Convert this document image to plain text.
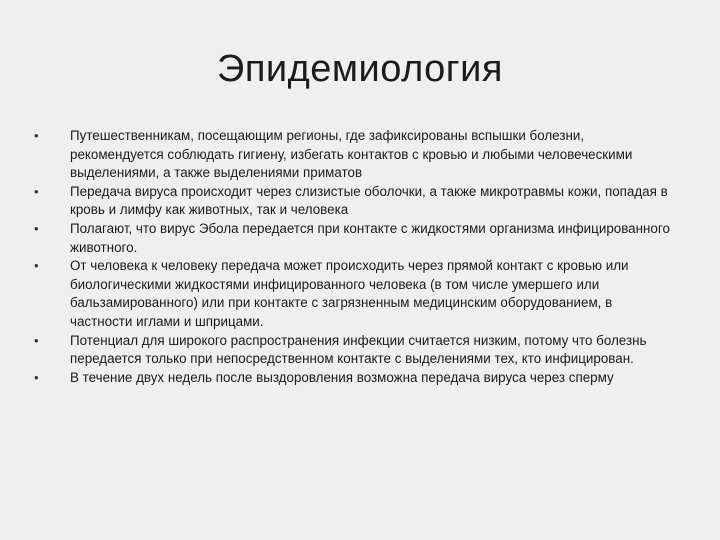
Эпидемиология
•	Путешественникам, посещающим регионы, где зафиксированы вспышки болезни, рекомендуется соблюдать гигиену, избегать контактов с кровью и любыми человеческими выделениями, а также выделениями приматов
•	Передача вируса происходит через слизистые оболочки, а также микротравмы кожи, попадая в кровь и лимфу как животных, так и человека
•	Полагают, что вирус Эбола передается при контакте с жидкостями организма инфицированного животного.
•	От человека к человеку передача может происходить через прямой контакт с кровью или биологическими жидкостями инфицированного человека (в том числе умершего или бальзамированного) или при контакте с загрязненным медицинским оборудованием, в частности иглами и шприцами.
•	Потенциал для широкого распространения инфекции считается низким, потому что болезнь передается только при непосредственном контакте с выделениями тех, кто инфицирован.
•	В течение двух недель после выздоровления возможна передача вируса через сперму
